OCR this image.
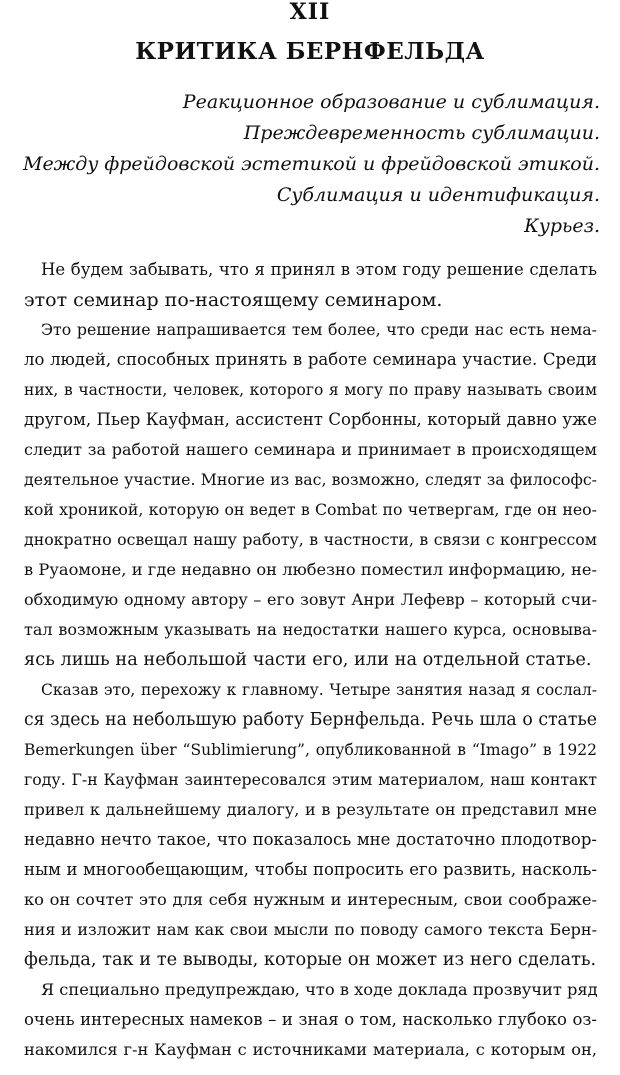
XII
КРИТИКА БЕРНФЕЛЬДА
Реакционное образование и сублимация.
Преждевременность сублимации.
Между фрейдовской эстетикой и фрейдовской этикой.
Сублимация и идентификация.
Курьез.
Не будем забывать, что я принял в этом году решение сделать
этот семинар по-настоящему семинаром.
Это решение напрашивается тем более, что среди нас есть нема-
ло людей, способных принять в работе семинара участие. Среди
них, в частности, человек, которого я могу по праву называть своим
другом, Пьер Кауфман, ассистент Сорбонны, который давно уже
следит за работой нашего семинара и принимает в происходящем
деятельное участие. Многие из вас, возможно, следят за философс-
кой хроникой, которую он ведет в Combat по четвергам, где он нео-
днократно освещал нашу работу, в частности, в связи с конгрессом
в Руаомоне, и где недавно он любезно поместил информацию, не-
обходимую одному автору – его зовут Анри Лефевр – который счи-
тал возможным указывать на недостатки нашего курса, основыва-
ясь лишь на небольшой части его, или на отдельной статье.
Сказав это, перехожу к главному. Четыре занятия назад я сослал-
ся здесь на небольшую работу Бернфельда. Речь шла о статье
Bemerkungen über “Sublimierung”, опубликованной в “Imago” в 1922
году. Г-н Кауфман заинтересовался этим материалом, наш контакт
привел к дальнейшему диалогу, и в результате он представил мне
недавно нечто такое, что показалось мне достаточно плодотвор-
ным и многообещающим, чтобы попросить его развить, насколь-
ко он сочтет это для себя нужным и интересным, свои соображе-
ния и изложит нам как свои мысли по поводу самого текста Берн-
фельда, так и те выводы, которые он может из него сделать.
Я специально предупреждаю, что в ходе доклада прозвучит ряд
очень интересных намеков – и зная о том, насколько глубоко оз-
накомился г-н Кауфман с источниками материала, с которым он,
